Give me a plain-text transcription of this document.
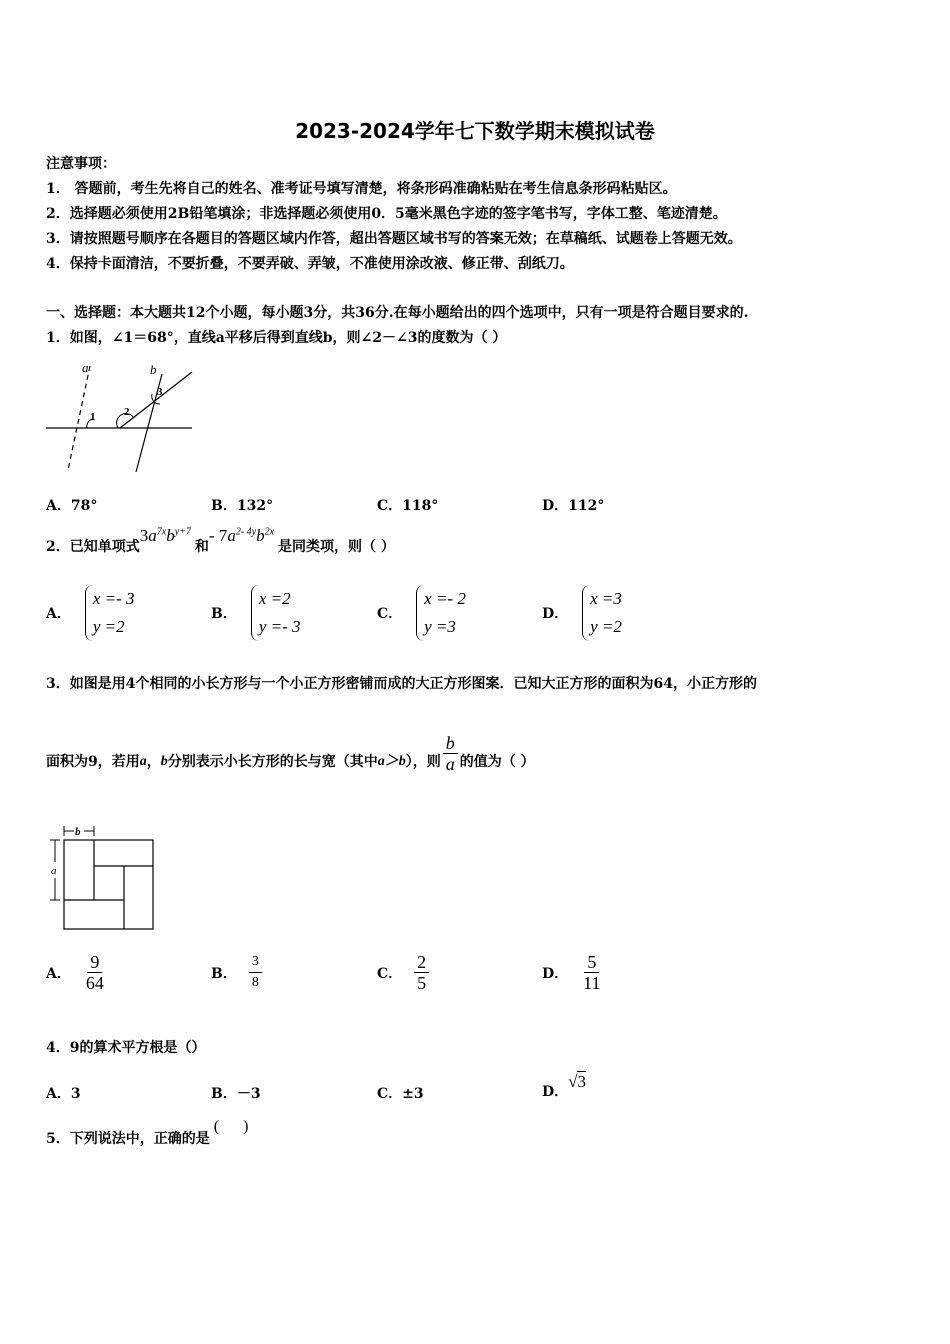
2023-2024学年七下数学期末模拟试卷
注意事项：
1． 答题前，考生先将自己的姓名、准考证号填写清楚，将条形码准确粘贴在考生信息条形码粘贴区。
2．选择题必须使用2B铅笔填涂；非选择题必须使用0．5毫米黑色字迹的签字笔书写，字体工整、笔迹清楚。
3．请按照题号顺序在各题目的答题区域内作答，超出答题区域书写的答案无效；在草稿纸、试题卷上答题无效。
4．保持卡面清洁，不要折叠，不要弄破、弄皱，不准使用涂改液、修正带、刮纸刀。
一、选择题：本大题共12个小题，每小题3分，共36分.在每小题给出的四个选项中，只有一项是符合题目要求的.
1．如图，∠1＝68°，直线a平移后得到直线b，则∠2－∠3的度数为（ ）
a	b
1	2
3
A．78°	B．132°	C．118°	D．112°
2．已知单项式
$3a^{7x}b^{y+7}$
和
- $7a^{2- 4y}b^{2x}$
是同类项，则（ ）
A．
x =- 3
y =2
B．
x =2
y =- 3
C．
x =- 2
y =3
D．
x =3
y =2
3．如图是用4个相同的小长方形与一个小正方形密铺而成的大正方形图案．已知大正方形的面积为64，小正方形的
面积为9，若用 a ， b 分别表示小长方形的长与宽（其中 a＞b ），则 $\frac{b}{a}$ 的值为（ ）
b
a
A． $\frac{9}{64}$	B． $\frac{3}{8}$	C． $\frac{2}{5}$	D． $\frac{5}{11}$
4．9的算术平方根是（）
A．3	B．－3	C．±3	D．
√3
5．下列说法中，正确的是
(      )
